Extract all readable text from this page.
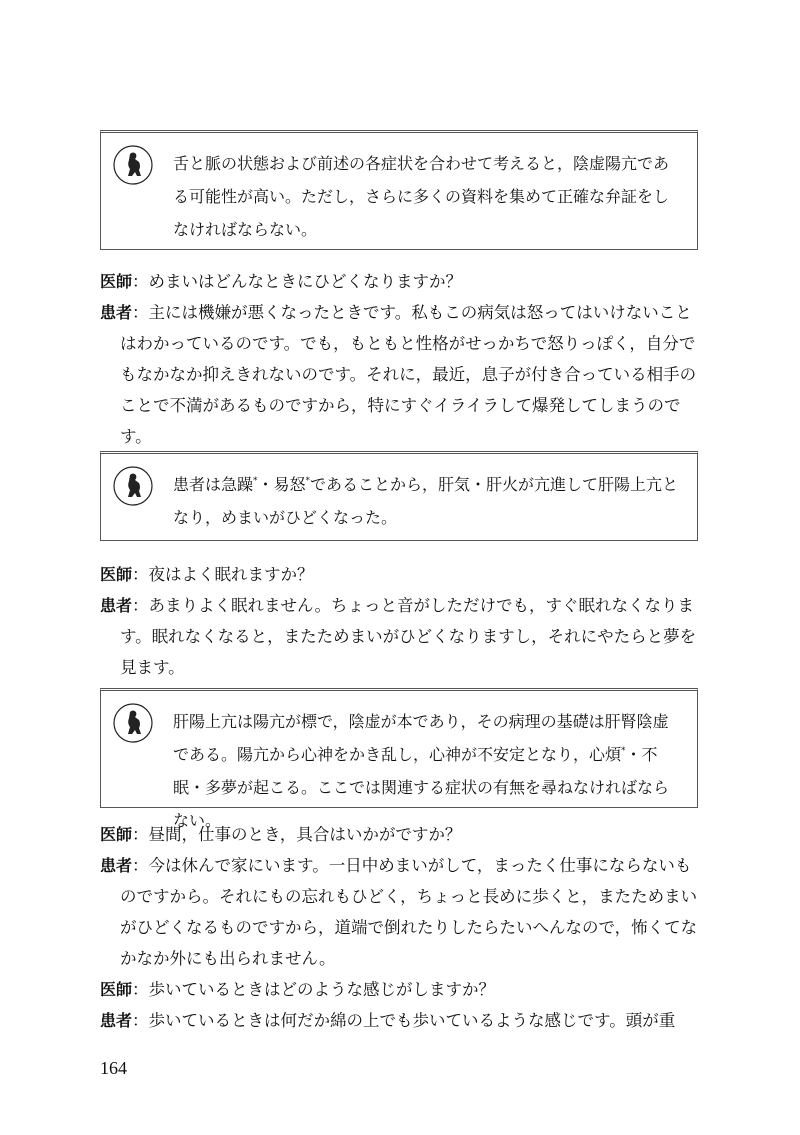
舌と脈の状態および前述の各症状を合わせて考えると，陰虚陽亢である可能性が高い。ただし，さらに多くの資料を集めて正確な弁証をしなければならない。

医師：めまいはどんなときにひどくなりますか？
患者：主には機嫌が悪くなったときです。私もこの病気は怒ってはいけないことはわかっているのです。でも，もともと性格がせっかちで怒りっぽく，自分でもなかなか抑えきれないのです。それに，最近，息子が付き合っている相手のことで不満があるものですから，特にすぐイライラして爆発してしまうのです。

患者は急躁*・易怒*であることから，肝気・肝火が亢進して肝陽上亢となり，めまいがひどくなった。

医師：夜はよく眠れますか？
患者：あまりよく眠れません。ちょっと音がしただけでも，すぐ眠れなくなります。眠れなくなると，またためまいがひどくなりますし，それにやたらと夢を見ます。

肝陽上亢は陽亢が標で，陰虚が本であり，その病理の基礎は肝腎陰虚である。陽亢から心神をかき乱し，心神が不安定となり，心煩*・不眠・多夢が起こる。ここでは関連する症状の有無を尋ねなければならない。

医師：昼間，仕事のとき，具合はいかがですか？
患者：今は休んで家にいます。一日中めまいがして，まったく仕事にならないものですから。それにもの忘れもひどく，ちょっと長めに歩くと，またためまいがひどくなるものですから，道端で倒れたりしたらたいへんなので，怖くてなかなか外にも出られません。
医師：歩いているときはどのような感じがしますか？
患者：歩いているときは何だか綿の上でも歩いているような感じです。頭が重
164
